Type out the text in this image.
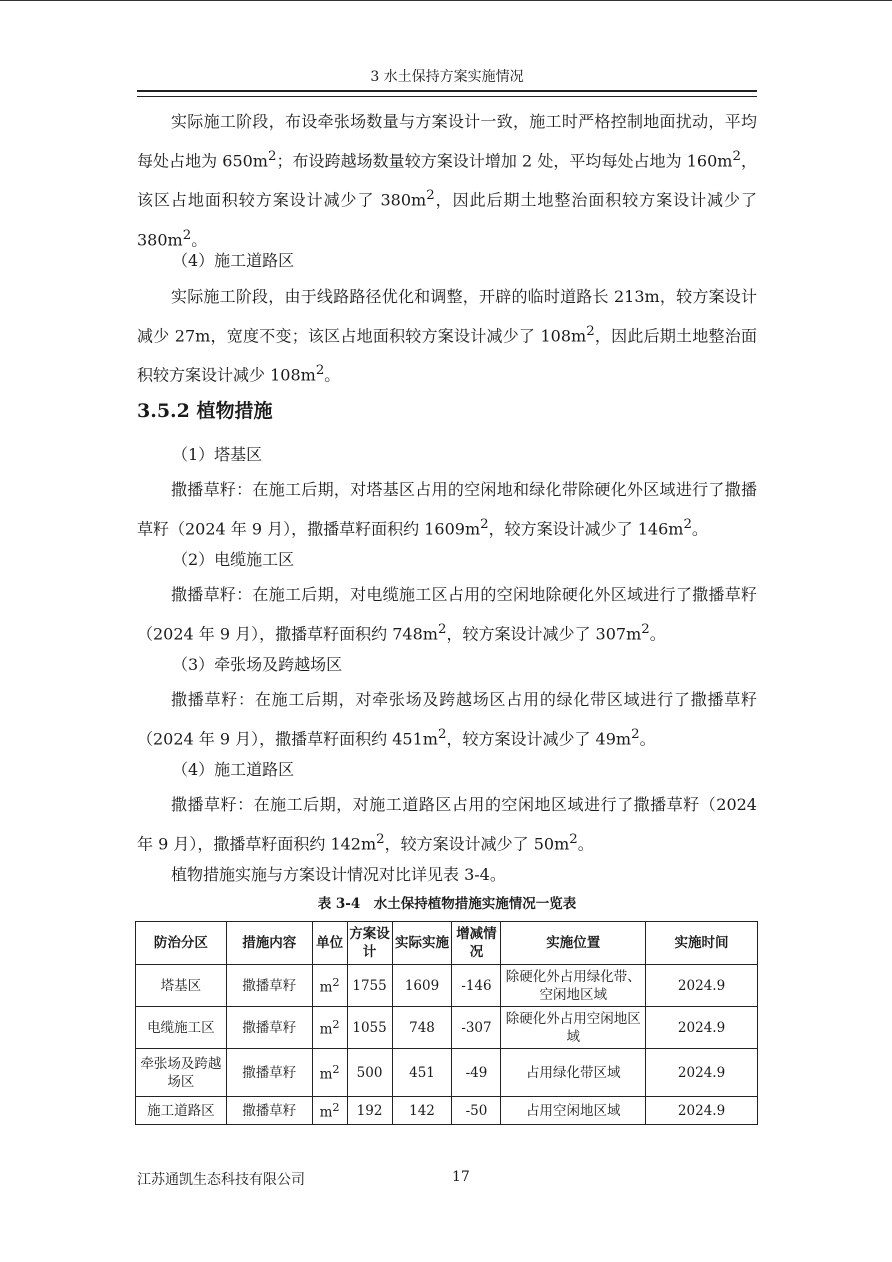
3 水土保持方案实施情况

实际施工阶段，布设牵张场数量与方案设计一致，施工时严格控制地面扰动，平均每处占地为 $650m^2$；布设跨越场数量较方案设计增加 2 处，平均每处占地为 $160m^2$，该区占地面积较方案设计减少了 $380m^2$，因此后期土地整治面积较方案设计减少了 $380m^2$。

（4）施工道路区

实际施工阶段，由于线路路径优化和调整，开辟的临时道路长 213m，较方案设计减少 27m，宽度不变；该区占地面积较方案设计减少了 $108m^2$，因此后期土地整治面积较方案设计减少 $108m^2$。

3.5.2 植物措施

（1）塔基区

撒播草籽：在施工后期，对塔基区占用的空闲地和绿化带除硬化外区域进行了撒播草籽（2024 年 9 月），撒播草籽面积约 $1609m^2$，较方案设计减少了 $146m^2$。

（2）电缆施工区

撒播草籽：在施工后期，对电缆施工区占用的空闲地除硬化外区域进行了撒播草籽（2024 年 9 月），撒播草籽面积约 $748m^2$，较方案设计减少了 $307m^2$。

（3）牵张场及跨越场区

撒播草籽：在施工后期，对牵张场及跨越场区占用的绿化带区域进行了撒播草籽（2024 年 9 月），撒播草籽面积约 $451m^2$，较方案设计减少了 $49m^2$。

（4）施工道路区

撒播草籽：在施工后期，对施工道路区占用的空闲地区域进行了撒播草籽（2024 年 9 月），撒播草籽面积约 $142m^2$，较方案设计减少了 $50m^2$。

植物措施实施与方案设计情况对比详见表 3-4。

表 3-4　水土保持植物措施实施情况一览表
防治分区	措施内容	单位	方案设计	实际实施	增减情况	实施位置	实施时间
塔基区	撒播草籽	$m^2$	1755	1609	-146	除硬化外占用绿化带、空闲地区域	2024.9
电缆施工区	撒播草籽	$m^2$	1055	748	-307	除硬化外占用空闲地区域	2024.9
牵张场及跨越场区	撒播草籽	$m^2$	500	451	-49	占用绿化带区域	2024.9
施工道路区	撒播草籽	$m^2$	192	142	-50	占用空闲地区域	2024.9
江苏通凯生态科技有限公司	17
